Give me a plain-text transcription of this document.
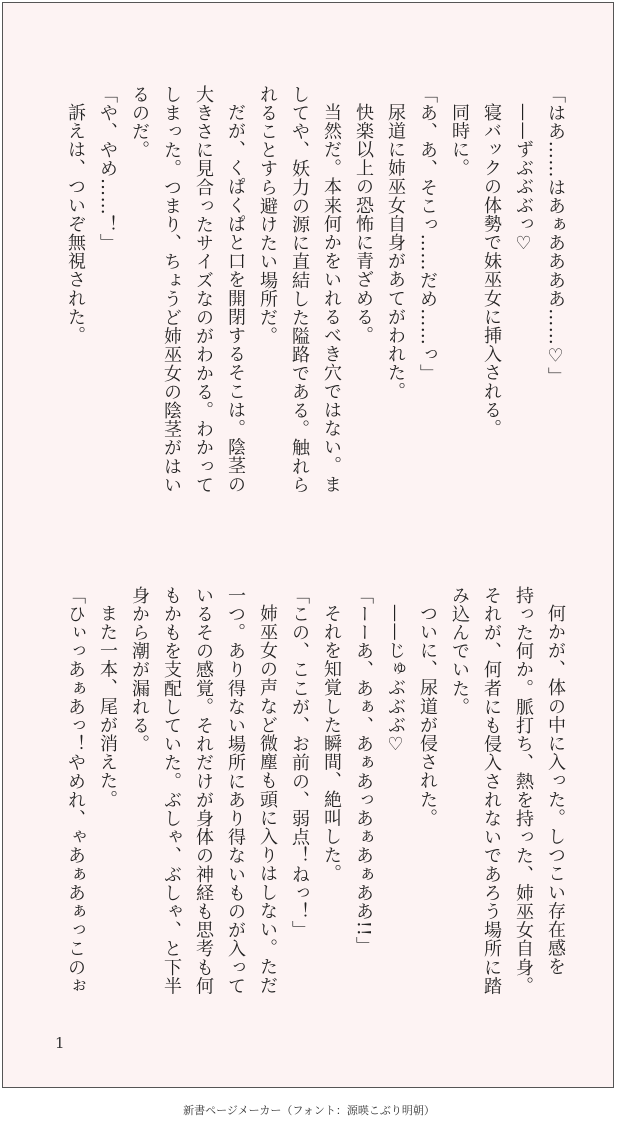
「はあ……はあぁああああ……♡」

——ずぶぶぶっ♡

寝バックの体勢で妹巫女に挿入される。

同時に。

「あ、あ、そこっ……だめ……っ」

尿道に姉巫女自身があてがわれた。

快楽以上の恐怖に青ざめる。

当然だ。本来何かをいれるべき穴ではない。ま

してや、妖力の源に直結した隘路である。触れら

れることすら避けたい場所だ。

だが、くぱくぱと口を開閉するそこは。陰茎の

大きさに見合ったサイズなのがわかる。わかって

しまった。つまり、ちょうど姉巫女の陰茎がはい

るのだ。

「や、やめ……！」

訴えは、ついぞ無視された。

何かが、体の中に入った。しつこい存在感を

持った何か。脈打ち、熱を持った、姉巫女自身。

それが、何者にも侵入されないであろう場所に踏

み込んでいた。

ついに、尿道が侵された。

——じゅぶぶぶ♡

「ーーあ、あぁ、あぁあっあぁあぁああ!!」

それを知覚した瞬間、絶叫した。

「この、ここが、お前の、弱点！ねっ！」

姉巫女の声など微塵も頭に入りはしない。ただ

一つ。あり得ない場所にあり得ないものが入って

いるその感覚。それだけが身体の神経も思考も何

もかもを支配していた。ぶしゃ、ぶしゃ、と下半

身から潮が漏れる。

また一本、尾が消えた。

「ひぃっあぁあっ！やめれ、ゃあぁあぁっこのぉ

1
新書ページメーカー（フォント：源暎こぶり明朝）
